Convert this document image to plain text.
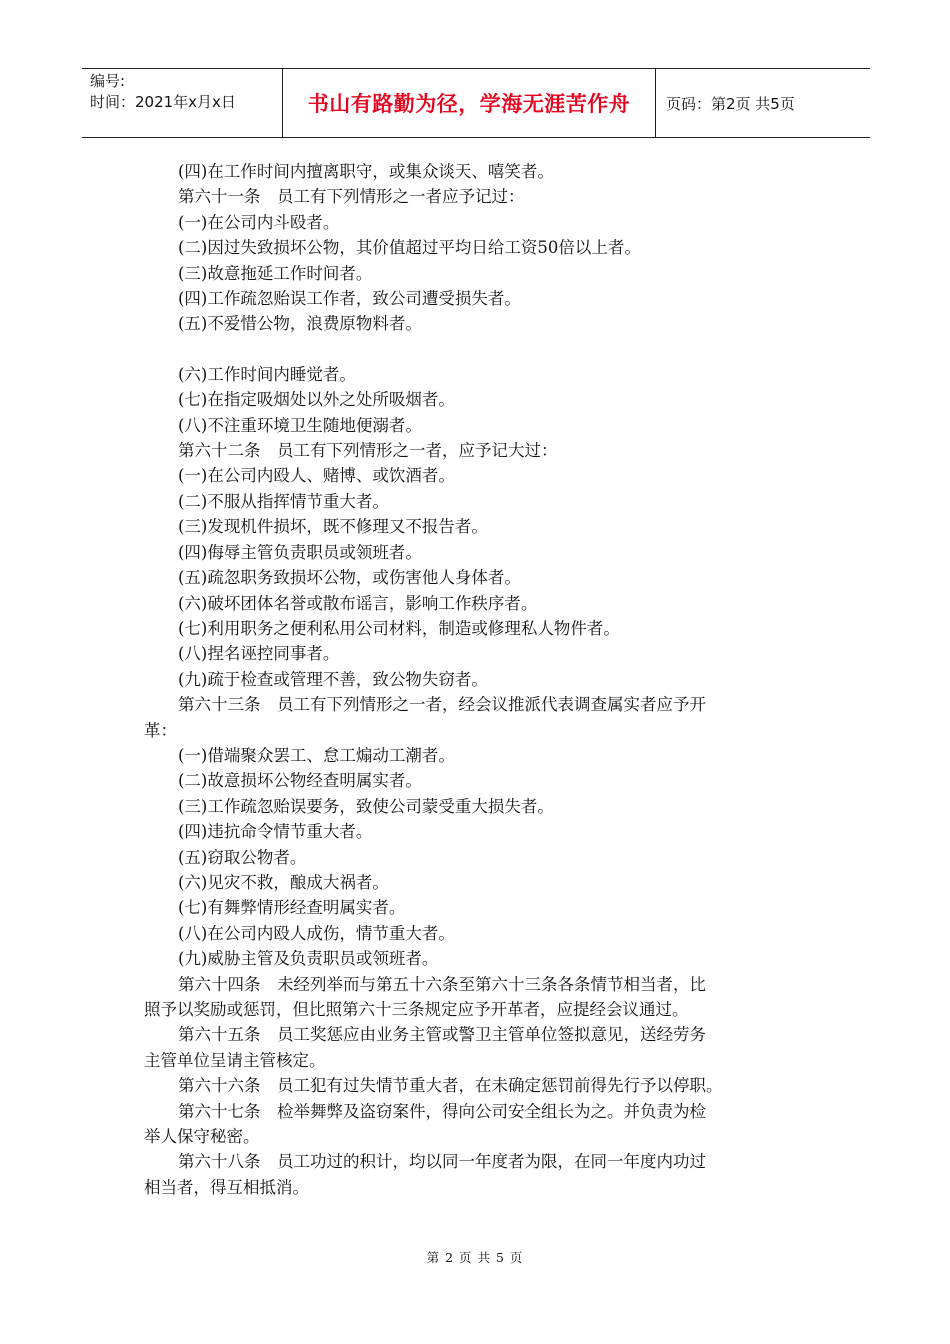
编号:
时间：2021年x月x日	书山有路勤为径，学海无涯苦作舟	页码：第2页 共5页
(四)在工作时间内擅离职守，或集众谈天、嘻笑者。
第六十一条　员工有下列情形之一者应予记过：
(一)在公司内斗殴者。
(二)因过失致损坏公物，其价值超过平均日给工资50倍以上者。
(三)故意拖延工作时间者。
(四)工作疏忽贻误工作者，致公司遭受损失者。
(五)不爱惜公物，浪费原物料者。
(六)工作时间内睡觉者。
(七)在指定吸烟处以外之处所吸烟者。
(八)不注重环境卫生随地便溺者。
第六十二条　员工有下列情形之一者，应予记大过：
(一)在公司内殴人、赌博、或饮酒者。
(二)不服从指挥情节重大者。
(三)发现机件损坏，既不修理又不报告者。
(四)侮辱主管负责职员或领班者。
(五)疏忽职务致损坏公物，或伤害他人身体者。
(六)破坏团体名誉或散布谣言，影响工作秩序者。
(七)利用职务之便利私用公司材料，制造或修理私人物件者。
(八)捏名诬控同事者。
(九)疏于检查或管理不善，致公物失窃者。
第六十三条　员工有下列情形之一者，经会议推派代表调查属实者应予开
革：
(一)借端聚众罢工、怠工煽动工潮者。
(二)故意损坏公物经查明属实者。
(三)工作疏忽贻误要务，致使公司蒙受重大损失者。
(四)违抗命令情节重大者。
(五)窃取公物者。
(六)见灾不救，酿成大祸者。
(七)有舞弊情形经查明属实者。
(八)在公司内殴人成伤，情节重大者。
(九)威胁主管及负责职员或领班者。
第六十四条　未经列举而与第五十六条至第六十三条各条情节相当者，比
照予以奖励或惩罚，但比照第六十三条规定应予开革者，应提经会议通过。
第六十五条　员工奖惩应由业务主管或警卫主管单位签拟意见，送经劳务
主管单位呈请主管核定。
第六十六条　员工犯有过失情节重大者，在未确定惩罚前得先行予以停职。
第六十七条　检举舞弊及盗窃案件，得向公司安全组长为之。并负责为检
举人保守秘密。
第六十八条　员工功过的积计，均以同一年度者为限，在同一年度内功过
相当者，得互相抵消。
第 2 页 共 5 页
